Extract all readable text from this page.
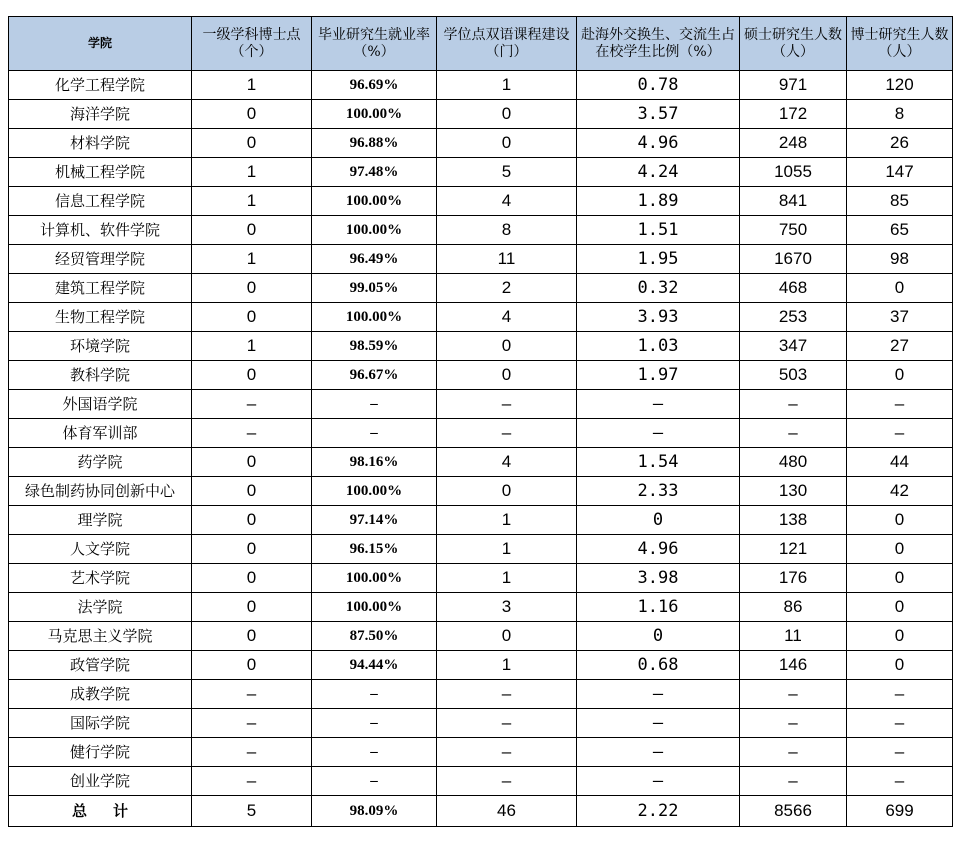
学院	一级学科博士点（个）	毕业研究生就业率（%）	学位点双语课程建设（门）	赴海外交换生、交流生占在校学生比例（%）	硕士研究生人数（人）	博士研究生人数（人）

化学工程学院	1	96.69%	1	0.78	971	120
海洋学院	0	100.00%	0	3.57	172	8
材料学院	0	96.88%	0	4.96	248	26
机械工程学院	1	97.48%	5	4.24	1055	147
信息工程学院	1	100.00%	4	1.89	841	85
计算机、软件学院	0	100.00%	8	1.51	750	65
经贸管理学院	1	96.49%	11	1.95	1670	98
建筑工程学院	0	99.05%	2	0.32	468	0
生物工程学院	0	100.00%	4	3.93	253	37
环境学院	1	98.59%	0	1.03	347	27
教科学院	0	96.67%	0	1.97	503	0
外国语学院	–	–	–	–	–	–
体育军训部	–	–	–	–	–	–
药学院	0	98.16%	4	1.54	480	44
绿色制药协同创新中心	0	100.00%	0	2.33	130	42
理学院	0	97.14%	1	0	138	0
人文学院	0	96.15%	1	4.96	121	0
艺术学院	0	100.00%	1	3.98	176	0
法学院	0	100.00%	3	1.16	86	0
马克思主义学院	0	87.50%	0	0	11	0
政管学院	0	94.44%	1	0.68	146	0
成教学院	–	–	–	–	–	–
国际学院	–	–	–	–	–	–
健行学院	–	–	–	–	–	–
创业学院	–	–	–	–	–	–
总 计	5	98.09%	46	2.22	8566	699
